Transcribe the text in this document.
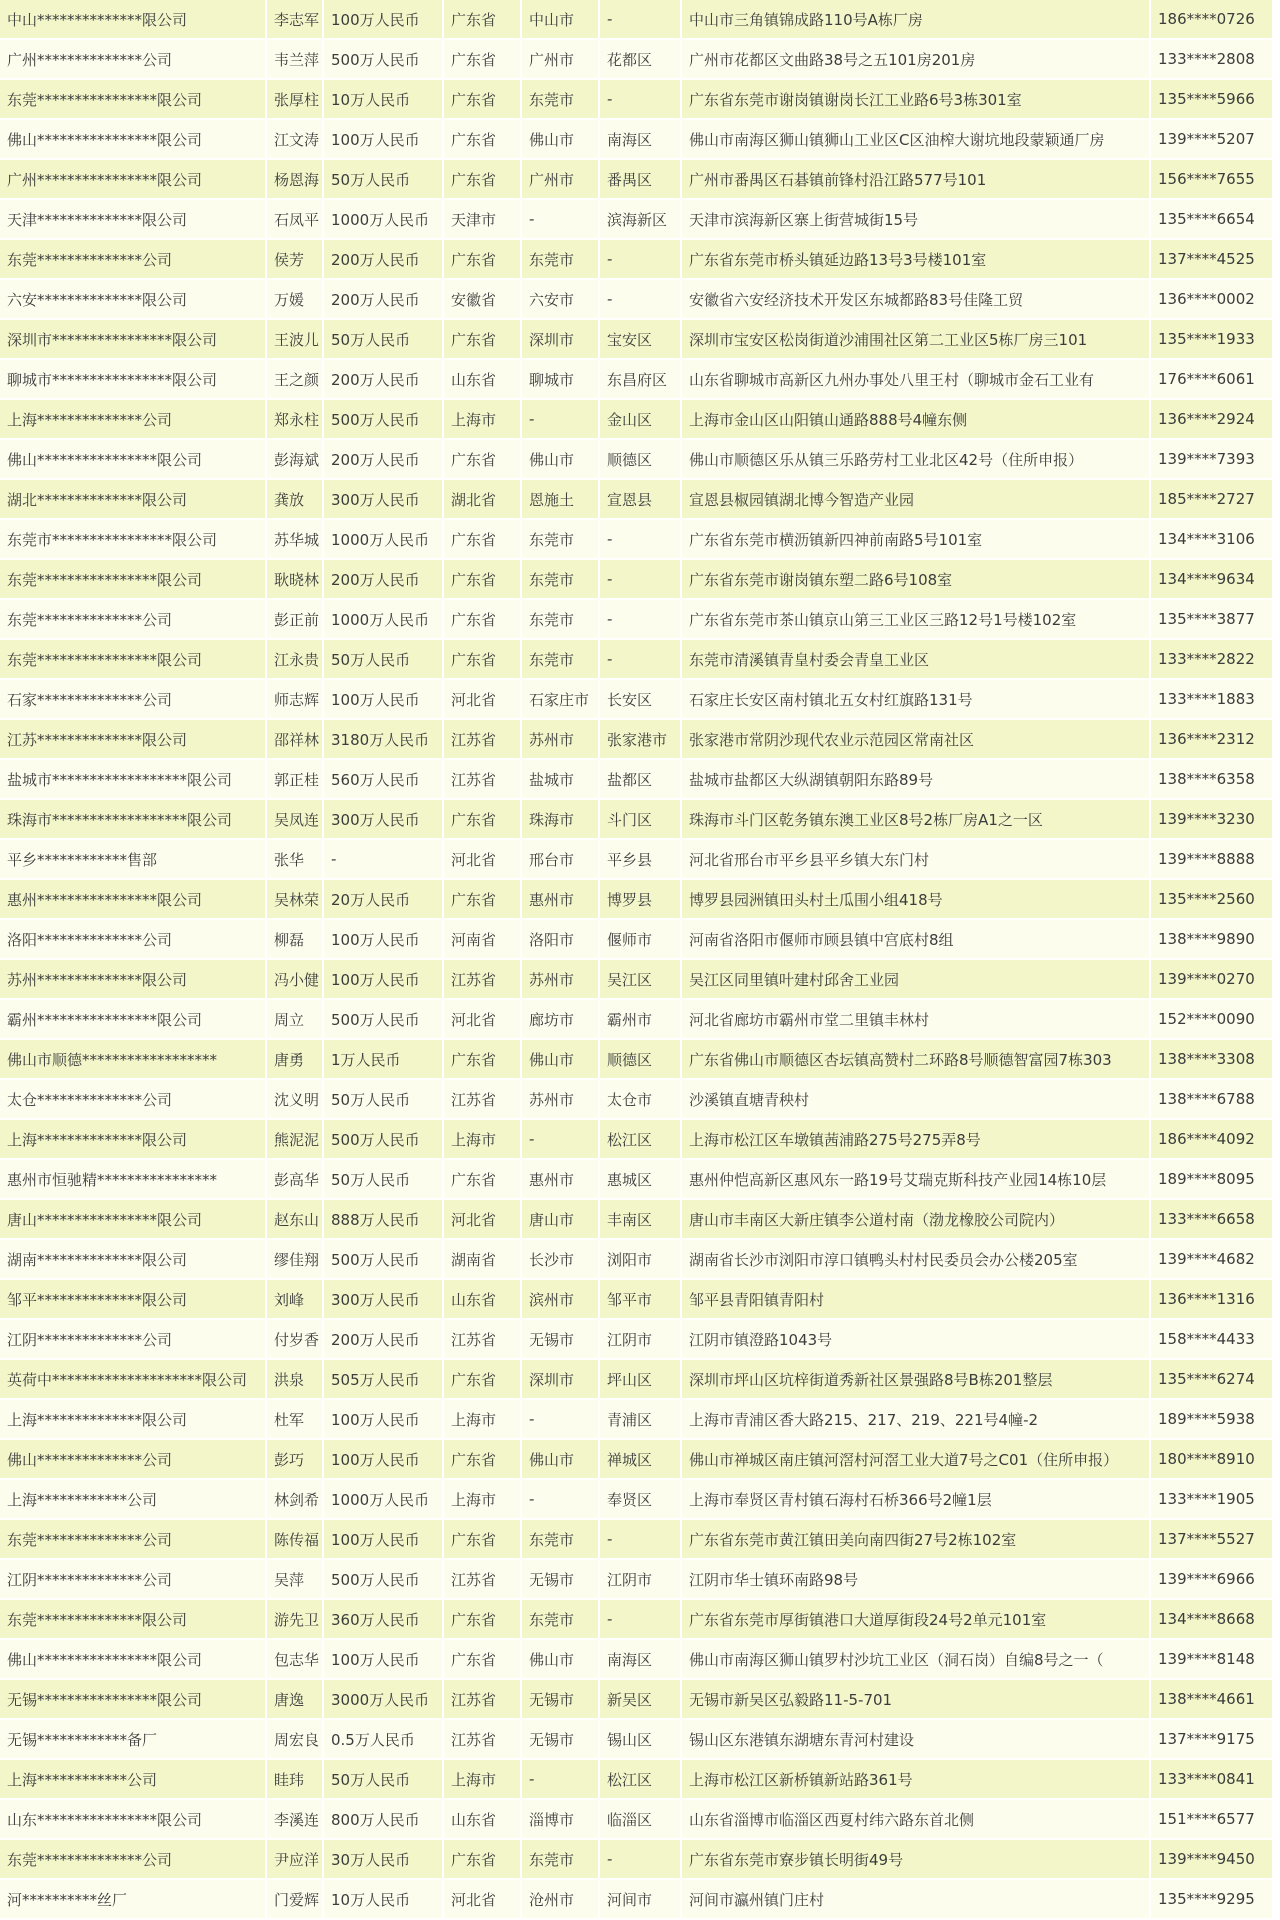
中山**************限公司	李志军	100万人民币	广东省	中山市	-	中山市三角镇锦成路110号A栋厂房	186****0726
广州**************公司	韦兰萍	500万人民币	广东省	广州市	花都区	广州市花都区文曲路38号之五101房201房	133****2808
东莞****************限公司	张厚柱	10万人民币	广东省	东莞市	-	广东省东莞市谢岗镇谢岗长江工业路6号3栋301室	135****5966
佛山****************限公司	江文涛	100万人民币	广东省	佛山市	南海区	佛山市南海区狮山镇狮山工业区C区油榨大谢坑地段蒙颖通厂房	139****5207
广州****************限公司	杨恩海	50万人民币	广东省	广州市	番禺区	广州市番禺区石碁镇前锋村沿江路577号101	156****7655
天津**************限公司	石凤平	1000万人民币	天津市	-	滨海新区	天津市滨海新区寨上街营城街15号	135****6654
东莞**************公司	侯芳	200万人民币	广东省	东莞市	-	广东省东莞市桥头镇延边路13号3号楼101室	137****4525
六安**************限公司	万媛	200万人民币	安徽省	六安市	-	安徽省六安经济技术开发区东城都路83号佳隆工贸	136****0002
深圳市****************限公司	王波儿	50万人民币	广东省	深圳市	宝安区	深圳市宝安区松岗街道沙浦围社区第二工业区5栋厂房三101	135****1933
聊城市****************限公司	王之颜	200万人民币	山东省	聊城市	东昌府区	山东省聊城市高新区九州办事处八里王村（聊城市金石工业有	176****6061
上海**************公司	郑永柱	500万人民币	上海市	-	金山区	上海市金山区山阳镇山通路888号4幢东侧	136****2924
佛山****************限公司	彭海斌	200万人民币	广东省	佛山市	顺德区	佛山市顺德区乐从镇三乐路劳村工业北区42号（住所申报）	139****7393
湖北**************限公司	龚放	300万人民币	湖北省	恩施土	宣恩县	宣恩县椒园镇湖北博今智造产业园	185****2727
东莞市****************限公司	苏华城	1000万人民币	广东省	东莞市	-	广东省东莞市横沥镇新四神前南路5号101室	134****3106
东莞****************限公司	耿晓林	200万人民币	广东省	东莞市	-	广东省东莞市谢岗镇东塑二路6号108室	134****9634
东莞**************公司	彭正前	1000万人民币	广东省	东莞市	-	广东省东莞市茶山镇京山第三工业区三路12号1号楼102室	135****3877
东莞****************限公司	江永贵	50万人民币	广东省	东莞市	-	东莞市清溪镇青皇村委会青皇工业区	133****2822
石家**************公司	师志辉	100万人民币	河北省	石家庄市	长安区	石家庄长安区南村镇北五女村红旗路131号	133****1883
江苏**************限公司	邵祥林	3180万人民币	江苏省	苏州市	张家港市	张家港市常阴沙现代农业示范园区常南社区	136****2312
盐城市******************限公司	郭正桂	560万人民币	江苏省	盐城市	盐都区	盐城市盐都区大纵湖镇朝阳东路89号	138****6358
珠海市******************限公司	吴凤连	300万人民币	广东省	珠海市	斗门区	珠海市斗门区乾务镇东澳工业区8号2栋厂房A1之一区	139****3230
平乡************售部	张华	-	河北省	邢台市	平乡县	河北省邢台市平乡县平乡镇大东门村	139****8888
惠州****************限公司	吴林荣	20万人民币	广东省	惠州市	博罗县	博罗县园洲镇田头村土瓜围小组418号	135****2560
洛阳**************公司	柳磊	100万人民币	河南省	洛阳市	偃师市	河南省洛阳市偃师市顾县镇中宫底村8组	138****9890
苏州**************限公司	冯小健	100万人民币	江苏省	苏州市	吴江区	吴江区同里镇叶建村邱舍工业园	139****0270
霸州****************限公司	周立	500万人民币	河北省	廊坊市	霸州市	河北省廊坊市霸州市堂二里镇丰林村	152****0090
佛山市顺德******************	唐勇	1万人民币	广东省	佛山市	顺德区	广东省佛山市顺德区杏坛镇高赞村二环路8号顺德智富园7栋303	138****3308
太仓**************公司	沈义明	50万人民币	江苏省	苏州市	太仓市	沙溪镇直塘青秧村	138****6788
上海**************限公司	熊泥泥	500万人民币	上海市	-	松江区	上海市松江区车墩镇茜浦路275号275弄8号	186****4092
惠州市恒驰精****************	彭高华	50万人民币	广东省	惠州市	惠城区	惠州仲恺高新区惠风东一路19号艾瑞克斯科技产业园14栋10层	189****8095
唐山****************限公司	赵东山	888万人民币	河北省	唐山市	丰南区	唐山市丰南区大新庄镇李公道村南（渤龙橡胶公司院内）	133****6658
湖南**************限公司	缪佳翔	500万人民币	湖南省	长沙市	浏阳市	湖南省长沙市浏阳市淳口镇鸭头村村民委员会办公楼205室	139****4682
邹平**************限公司	刘峰	300万人民币	山东省	滨州市	邹平市	邹平县青阳镇青阳村	136****1316
江阴**************公司	付岁香	200万人民币	江苏省	无锡市	江阴市	江阴市镇澄路1043号	158****4433
英荷中********************限公司	洪泉	505万人民币	广东省	深圳市	坪山区	深圳市坪山区坑梓街道秀新社区景强路8号B栋201整层	135****6274
上海**************限公司	杜军	100万人民币	上海市	-	青浦区	上海市青浦区香大路215、217、219、221号4幢-2	189****5938
佛山**************公司	彭巧	100万人民币	广东省	佛山市	禅城区	佛山市禅城区南庄镇河滘村河滘工业大道7号之C01（住所申报）	180****8910
上海************公司	林剑希	1000万人民币	上海市	-	奉贤区	上海市奉贤区青村镇石海村石桥366号2幢1层	133****1905
东莞**************公司	陈传福	100万人民币	广东省	东莞市	-	广东省东莞市黄江镇田美向南四街27号2栋102室	137****5527
江阴**************公司	吴萍	500万人民币	江苏省	无锡市	江阴市	江阴市华士镇环南路98号	139****6966
东莞**************限公司	游先卫	360万人民币	广东省	东莞市	-	广东省东莞市厚街镇港口大道厚街段24号2单元101室	134****8668
佛山****************限公司	包志华	100万人民币	广东省	佛山市	南海区	佛山市南海区狮山镇罗村沙坑工业区（洞石岗）自编8号之一（	139****8148
无锡****************限公司	唐逸	3000万人民币	江苏省	无锡市	新吴区	无锡市新吴区弘毅路11-5-701	138****4661
无锡************备厂	周宏良	0.5万人民币	江苏省	无锡市	锡山区	锡山区东港镇东湖塘东青河村建设	137****9175
上海************公司	眭玮	50万人民币	上海市	-	松江区	上海市松江区新桥镇新站路361号	133****0841
山东****************限公司	李溪连	800万人民币	山东省	淄博市	临淄区	山东省淄博市临淄区西夏村纬六路东首北侧	151****6577
东莞**************公司	尹应洋	30万人民币	广东省	东莞市	-	广东省东莞市寮步镇长明街49号	139****9450
河**********丝厂	门爱辉	10万人民币	河北省	沧州市	河间市	河间市瀛州镇门庄村	135****9295
